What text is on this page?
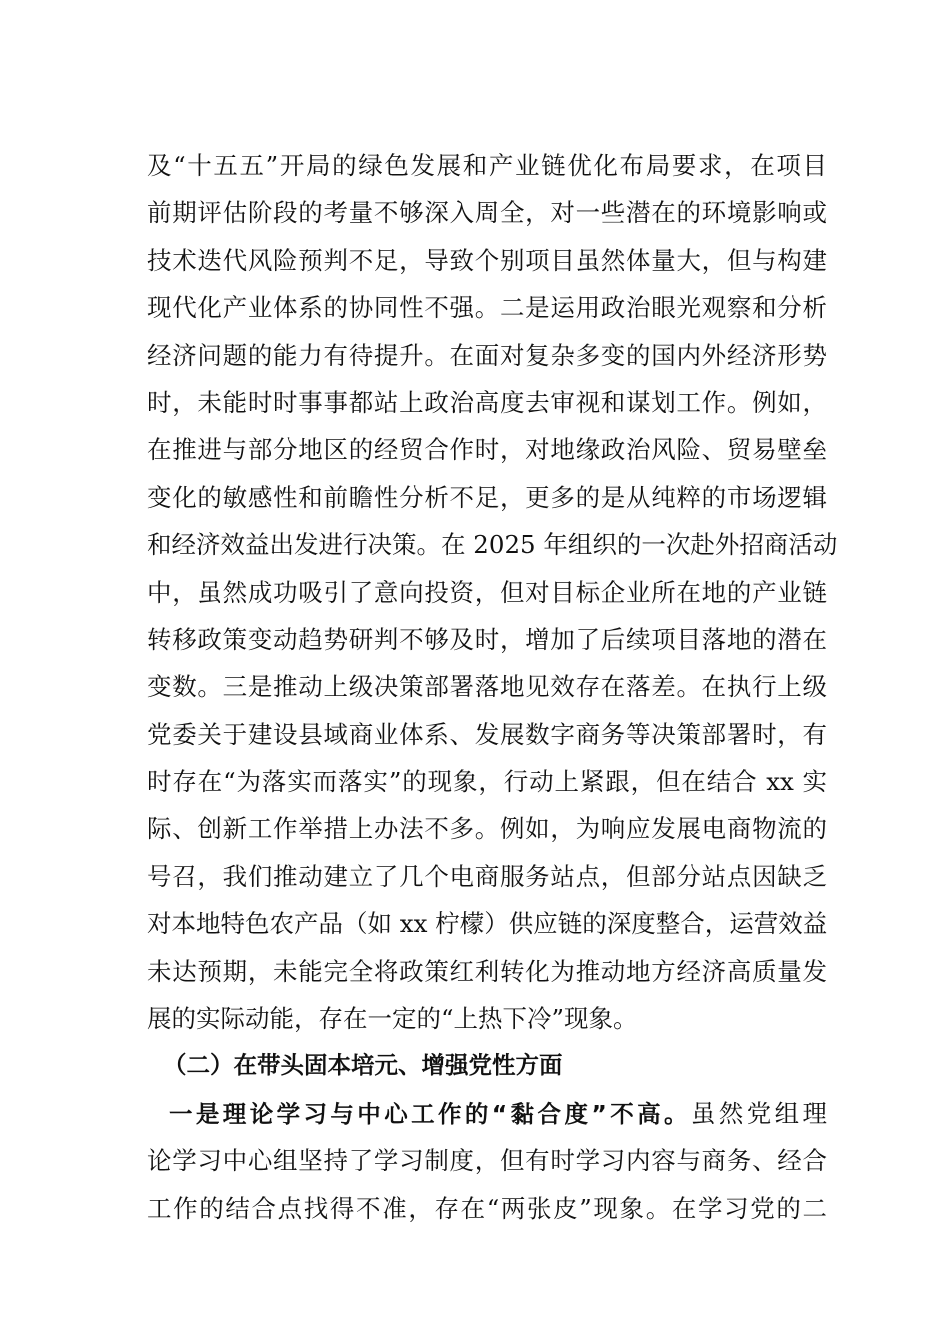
及“十五五”开局的绿色发展和产业链优化布局要求，在项目
前期评估阶段的考量不够深入周全，对一些潜在的环境影响或
技术迭代风险预判不足，导致个别项目虽然体量大，但与构建
现代化产业体系的协同性不强。二是运用政治眼光观察和分析
经济问题的能力有待提升。在面对复杂多变的国内外经济形势
时，未能时时事事都站上政治高度去审视和谋划工作。例如，
在推进与部分地区的经贸合作时，对地缘政治风险、贸易壁垒
变化的敏感性和前瞻性分析不足，更多的是从纯粹的市场逻辑
和经济效益出发进行决策。在 2025 年组织的一次赴外招商活动
中，虽然成功吸引了意向投资，但对目标企业所在地的产业链
转移政策变动趋势研判不够及时，增加了后续项目落地的潜在
变数。三是推动上级决策部署落地见效存在落差。在执行上级
党委关于建设县域商业体系、发展数字商务等决策部署时，有
时存在“为落实而落实”的现象，行动上紧跟，但在结合 xx 实
际、创新工作举措上办法不多。例如，为响应发展电商物流的
号召，我们推动建立了几个电商服务站点，但部分站点因缺乏
对本地特色农产品（如 xx 柠檬）供应链的深度整合，运营效益
未达预期，未能完全将政策红利转化为推动地方经济高质量发
展的实际动能，存在一定的“上热下冷”现象。
（二）在带头固本培元、增强党性方面
一是理论学习与中心工作的“黏合度”不高。虽然党组理
论学习中心组坚持了学习制度，但有时学习内容与商务、经合
工作的结合点找得不准，存在“两张皮”现象。在学习党的二
